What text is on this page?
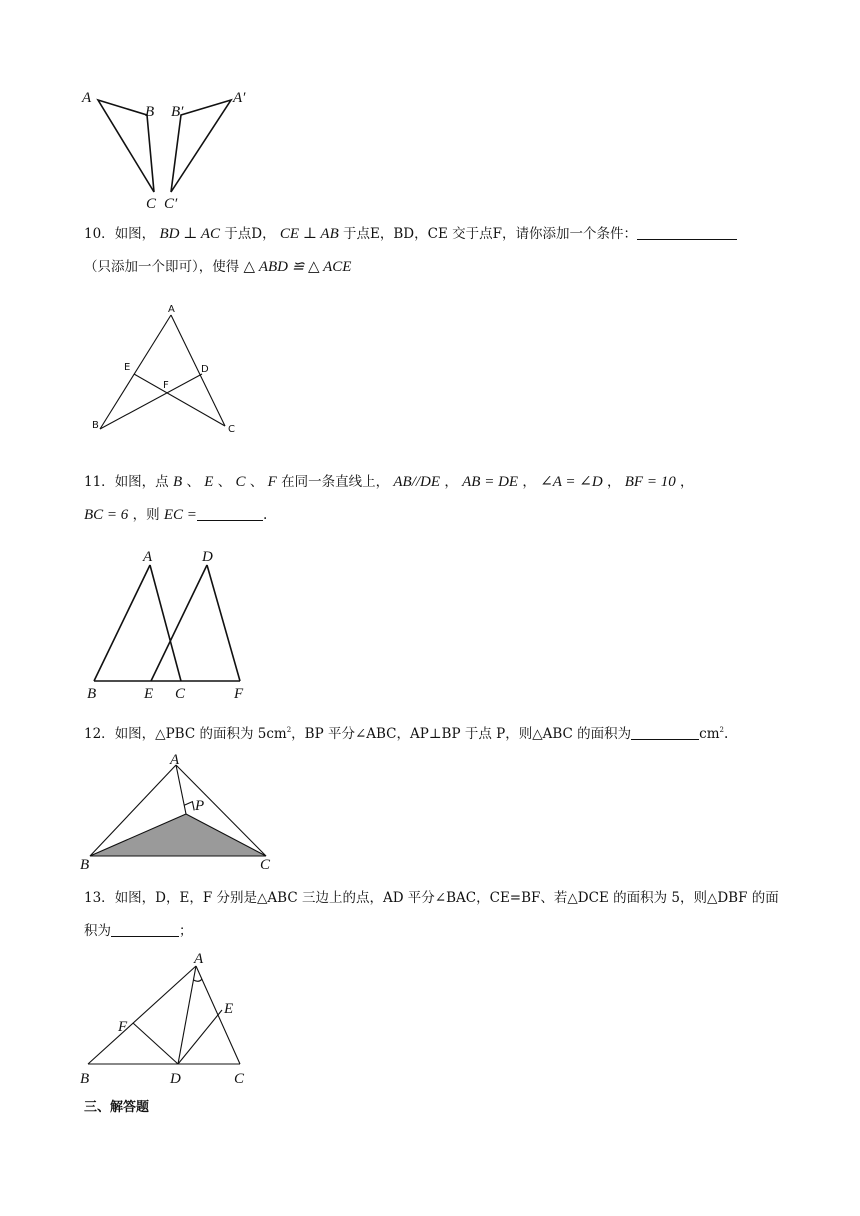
A
B
C
A′
B′
C′

10．如图， BD ⊥ AC 于点D， CE ⊥ AB 于点E，BD，CE 交于点F，请你添加一个条件：

（只添加一个即可），使得 △ ABD ≌ △ ACE

A
E	D
F
B	C

11．如图，点 B 、 E 、 C 、 F 在同一条直线上， AB//DE ， AB = DE ， ∠A = ∠D ， BF = 10 ，

BC = 6 ，则 EC =	.

A	D
B	E C	F

12．如图，△PBC 的面积为 $5cm^2$，BP 平分∠ABC，AP⊥BP 于点 P，则△ABC 的面积为	$cm^2$.

A
P
B	C

13．如图，D，E，F 分别是△ABC 三边上的点，AD 平分∠BAC，CE=BF、若△DCE 的面积为 5，则△DBF 的面

积为	；

A
F
E
B	D	C
三、解答题
